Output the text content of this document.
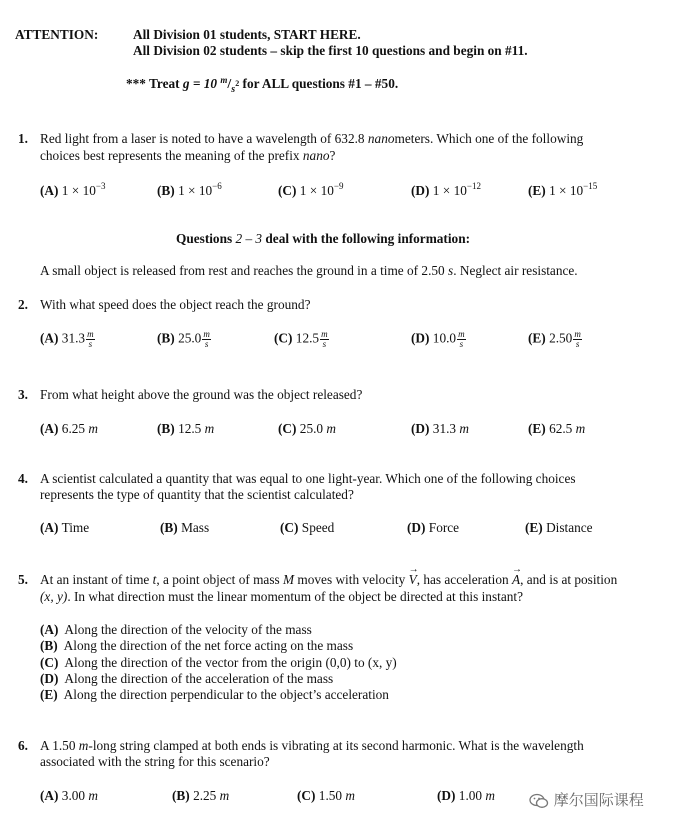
ATTENTION:	All Division 01 students, START HERE.
All Division 02 students – skip the first 10 questions and begin on #11.
*** Treat g = 10 $^m/_s2$ for ALL questions #1 – #50.
1. Red light from a laser is noted to have a wavelength of 632.8 nanometers. Which one of the following
choices best represents the meaning of the prefix nano?
(A) $1 \times 10^{-3}$	(B) $1 \times 10^{-6}$	(C) $1 \times 10^{-9}$	(D) $1 \times 10^{-12}$	(E) $1 \times 10^{-15}$
Questions 2 – 3 deal with the following information:
A small object is released from rest and reaches the ground in a time of 2.50 s. Neglect air resistance.
2. With what speed does the object reach the ground?
(A) $31.3 \frac{m}{s}$	(B) $25.0 \frac{m}{s}$	(C) $12.5 \frac{m}{s}$	(D) $10.0 \frac{m}{s}$	(E) $2.50 \frac{m}{s}$
3. From what height above the ground was the object released?
(A) 6.25 m	(B) 12.5 m	(C) 25.0 m	(D) 31.3 m	(E) 62.5 m
4. A scientist calculated a quantity that was equal to one light-year. Which one of the following choices
represents the type of quantity that the scientist calculated?
(A) Time	(B) Mass	(C) Speed	(D) Force	(E) Distance
5. At an instant of time t, a point object of mass M moves with velocity
→
V, has acceleration
→
A, and is at position
(x, y). In what direction must the linear momentum of the object be directed at this instant?
(A) Along the direction of the velocity of the mass
(B) Along the direction of the net force acting on the mass
(C) Along the direction of the vector from the origin (0,0) to (x, y)
(D) Along the direction of the acceleration of the mass
(E) Along the direction perpendicular to the object’s acceleration
6. A 1.50 m-long string clamped at both ends is vibrating at its second harmonic. What is the wavelength
associated with the string for this scenario?
(A) 3.00 m	(B) 2.25 m	(C) 1.50 m	(D) 1.00 m	摩尔国际课程
